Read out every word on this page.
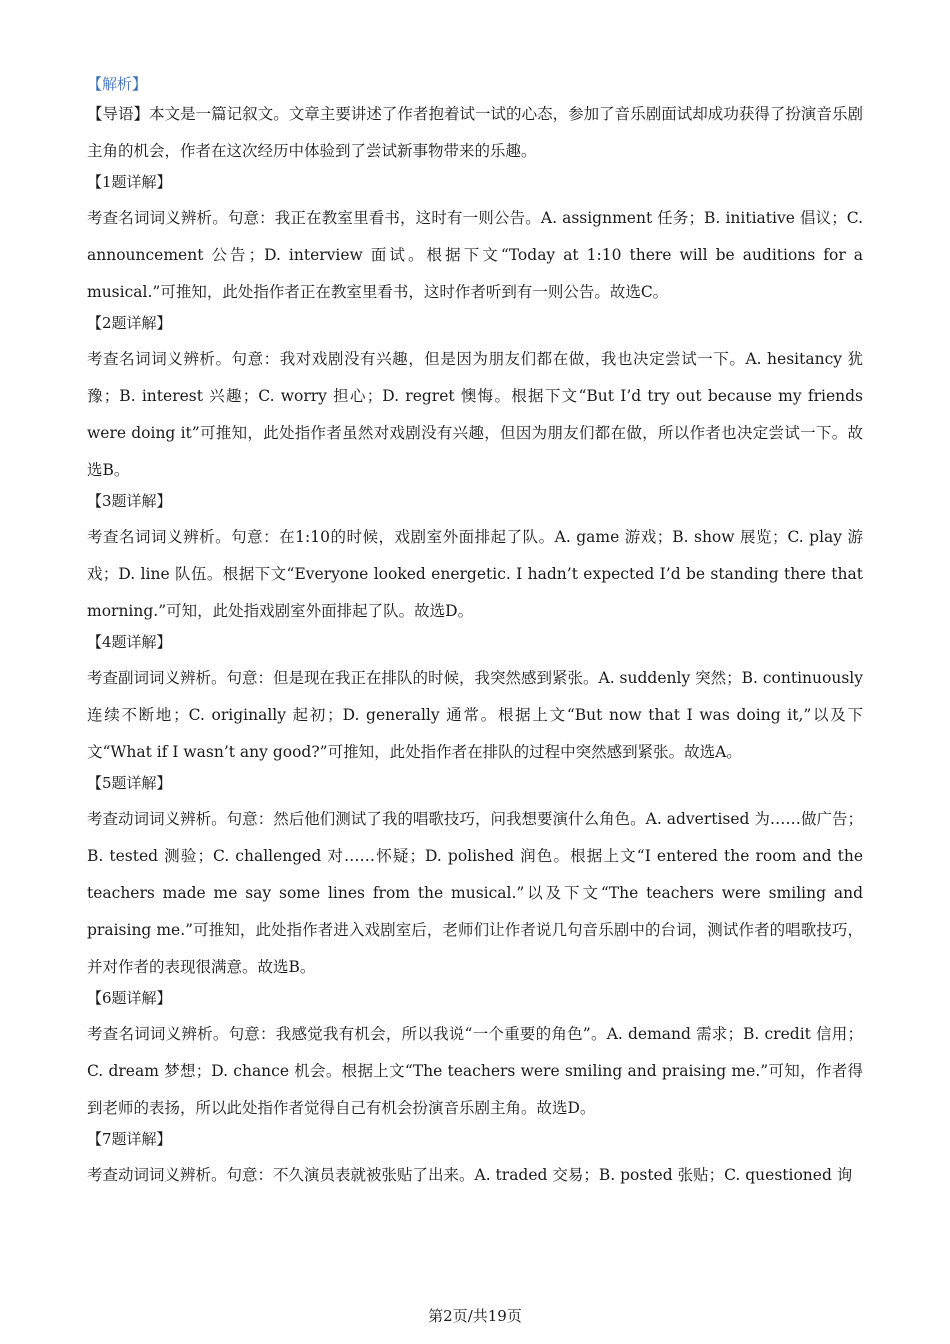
【解析】

【导语】本文是一篇记叙文。文章主要讲述了作者抱着试一试的心态，参加了音乐剧面试却成功获得了扮演音乐剧主角的机会，作者在这次经历中体验到了尝试新事物带来的乐趣。

【1题详解】

考查名词词义辨析。句意：我正在教室里看书，这时有一则公告。A. assignment 任务；B. initiative 倡议；C. announcement 公告；D. interview 面试。根据下文“Today at 1:10 there will be auditions for a musical.”可推知，此处指作者正在教室里看书，这时作者听到有一则公告。故选C。

【2题详解】

考查名词词义辨析。句意：我对戏剧没有兴趣，但是因为朋友们都在做，我也决定尝试一下。A. hesitancy 犹豫；B. interest 兴趣；C. worry 担心；D. regret 懊悔。根据下文“But I’d try out because my friends were doing it”可推知，此处指作者虽然对戏剧没有兴趣，但因为朋友们都在做，所以作者也决定尝试一下。故选B。

【3题详解】

考查名词词义辨析。句意：在1:10的时候，戏剧室外面排起了队。A. game 游戏；B. show 展览；C. play 游戏；D. line 队伍。根据下文“Everyone looked energetic. I hadn’t expected I’d be standing there that morning.”可知，此处指戏剧室外面排起了队。故选D。

【4题详解】

考查副词词义辨析。句意：但是现在我正在排队的时候，我突然感到紧张。A. suddenly 突然；B. continuously 连续不断地；C. originally 起初；D. generally 通常。根据上文“But now that I was doing it,”以及下文“What if I wasn’t any good?”可推知，此处指作者在排队的过程中突然感到紧张。故选A。

【5题详解】

考查动词词义辨析。句意：然后他们测试了我的唱歌技巧，问我想要演什么角色。A. advertised 为……做广告；B. tested 测验；C. challenged 对……怀疑；D. polished 润色。根据上文“I entered the room and the teachers made me say some lines from the musical.”以及下文“The teachers were smiling and praising me.”可推知，此处指作者进入戏剧室后，老师们让作者说几句音乐剧中的台词，测试作者的唱歌技巧，并对作者的表现很满意。故选B。

【6题详解】

考查名词词义辨析。句意：我感觉我有机会，所以我说“一个重要的角色”。A. demand 需求；B. credit 信用；C. dream 梦想；D. chance 机会。根据上文“The teachers were smiling and praising me.”可知，作者得到老师的表扬，所以此处指作者觉得自己有机会扮演音乐剧主角。故选D。

【7题详解】

考查动词词义辨析。句意：不久演员表就被张贴了出来。A. traded 交易；B. posted 张贴；C. questioned 询

第2页/共19页
